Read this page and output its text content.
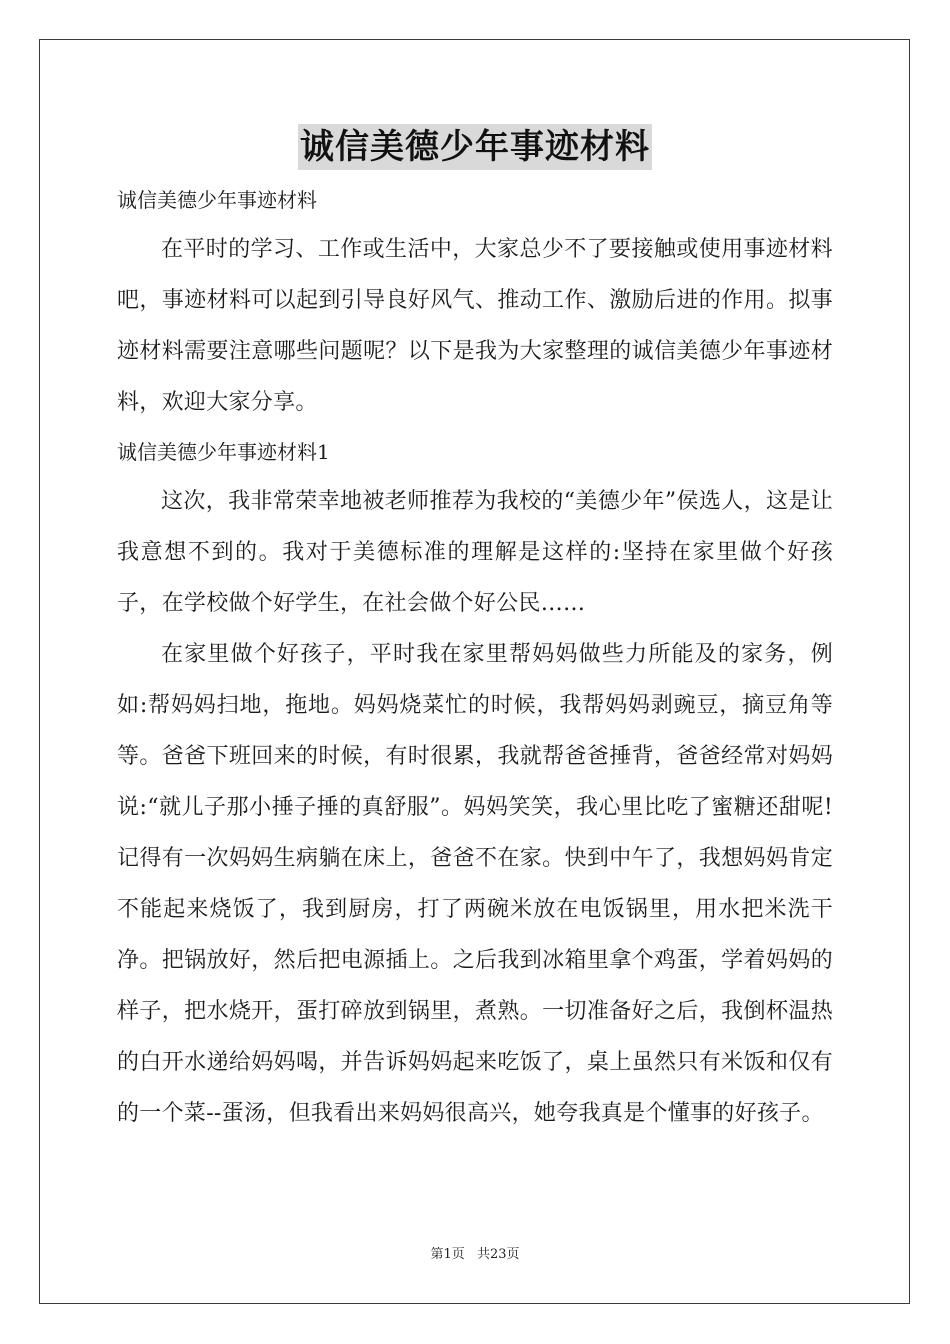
诚信美德少年事迹材料

诚信美德少年事迹材料

在平时的学习、工作或生活中，大家总少不了要接触或使用事迹材料吧，事迹材料可以起到引导良好风气、推动工作、激励后进的作用。拟事迹材料需要注意哪些问题呢？以下是我为大家整理的诚信美德少年事迹材料，欢迎大家分享。

诚信美德少年事迹材料1

这次，我非常荣幸地被老师推荐为我校的“美德少年”侯选人，这是让我意想不到的。我对于美德标准的理解是这样的:坚持在家里做个好孩子，在学校做个好学生，在社会做个好公民……

在家里做个好孩子，平时我在家里帮妈妈做些力所能及的家务，例如:帮妈妈扫地，拖地。妈妈烧菜忙的时候，我帮妈妈剥豌豆，摘豆角等等。爸爸下班回来的时候，有时很累，我就帮爸爸捶背，爸爸经常对妈妈说:“就儿子那小捶子捶的真舒服”。妈妈笑笑，我心里比吃了蜜糖还甜呢!记得有一次妈妈生病躺在床上，爸爸不在家。快到中午了，我想妈妈肯定不能起来烧饭了，我到厨房，打了两碗米放在电饭锅里，用水把米洗干净。把锅放好，然后把电源插上。之后我到冰箱里拿个鸡蛋，学着妈妈的样子，把水烧开，蛋打碎放到锅里，煮熟。一切准备好之后，我倒杯温热的白开水递给妈妈喝，并告诉妈妈起来吃饭了，桌上虽然只有米饭和仅有的一个菜--蛋汤，但我看出来妈妈很高兴，她夸我真是个懂事的好孩子。

第1页 共23页
